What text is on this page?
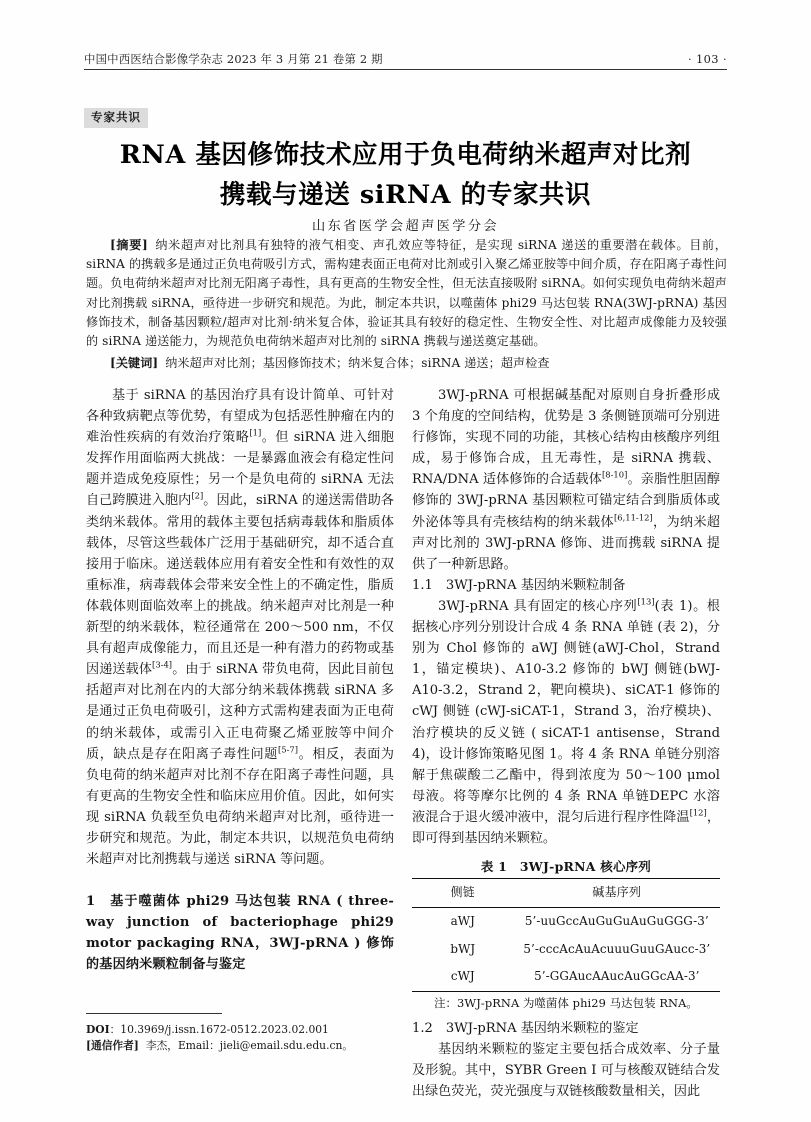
中国中西医结合影像学杂志 2023 年 3 月第 21 卷第 2 期	· 103 ·
专家共识
RNA 基因修饰技术应用于负电荷纳米超声对比剂
携载与递送 siRNA 的专家共识
山东省医学会超声医学分会

[摘要] 纳米超声对比剂具有独特的液气相变、声孔效应等特征，是实现 siRNA 递送的重要潜在载体。目前，siRNA 的携载多是通过正负电荷吸引方式，需构建表面正电荷对比剂或引入聚乙烯亚胺等中间介质，存在阳离子毒性问题。负电荷纳米超声对比剂无阳离子毒性，具有更高的生物安全性，但无法直接吸附 siRNA。如何实现负电荷纳米超声对比剂携载 siRNA，亟待进一步研究和规范。为此，制定本共识，以噬菌体 phi29 马达包装 RNA(3WJ-pRNA) 基因修饰技术，制备基因颗粒/超声对比剂·纳米复合体，验证其具有较好的稳定性、生物安全性、对比超声成像能力及较强的 siRNA 递送能力，为规范负电荷纳米超声对比剂的 siRNA 携载与递送奠定基础。

[关键词] 纳米超声对比剂；基因修饰技术；纳米复合体；siRNA 递送；超声检查

基于 siRNA 的基因治疗具有设计简单、可针对各种致病靶点等优势，有望成为包括恶性肿瘤在内的难治性疾病的有效治疗策略[1]。但 siRNA 进入细胞发挥作用面临两大挑战：一是暴露血液会有稳定性问题并造成免疫原性；另一个是负电荷的 siRNA 无法自己跨膜进入胞内[2]。因此，siRNA 的递送需借助各类纳米载体。常用的载体主要包括病毒载体和脂质体载体，尽管这些载体广泛用于基础研究，却不适合直接用于临床。递送载体应用有着安全性和有效性的双重标准，病毒载体会带来安全性上的不确定性，脂质体载体则面临效率上的挑战。纳米超声对比剂是一种新型的纳米载体，粒径通常在 200～500 nm，不仅具有超声成像能力，而且还是一种有潜力的药物或基因递送载体[3-4]。由于 siRNA 带负电荷，因此目前包括超声对比剂在内的大部分纳米载体携载 siRNA 多是通过正负电荷吸引，这种方式需构建表面为正电荷的纳米载体，或需引入正电荷聚乙烯亚胺等中间介质，缺点是存在阳离子毒性问题[5-7]。相反，表面为负电荷的纳米超声对比剂不存在阳离子毒性问题，具有更高的生物安全性和临床应用价值。因此，如何实现 siRNA 负载至负电荷纳米超声对比剂，亟待进一步研究和规范。为此，制定本共识，以规范负电荷纳米超声对比剂携载与递送 siRNA 等问题。

1　基于噬菌体 phi29 马达包装 RNA ( three-way junction of bacteriophage phi29 motor packaging RNA，3WJ-pRNA ) 修饰的基因纳米颗粒制备与鉴定

3WJ-pRNA 可根据碱基配对原则自身折叠形成 3 个角度的空间结构，优势是 3 条侧链顶端可分别进行修饰，实现不同的功能，其核心结构由核酸序列组成，易于修饰合成，且无毒性，是 siRNA 携载、RNA/DNA 适体修饰的合适载体[8-10]。亲脂性胆固醇修饰的 3WJ-pRNA 基因颗粒可锚定结合到脂质体或外泌体等具有壳核结构的纳米载体[6,11-12]，为纳米超声对比剂的 3WJ-pRNA 修饰、进而携载 siRNA 提供了一种新思路。

1.1　3WJ-pRNA 基因纳米颗粒制备

3WJ-pRNA 具有固定的核心序列[13](表 1)。根据核心序列分别设计合成 4 条 RNA 单链 (表 2)，分别为 Chol 修饰的 aWJ 侧链(aWJ-Chol，Strand 1，锚定模块)、A10-3.2 修饰的 bWJ 侧链(bWJ-A10-3.2，Strand 2，靶向模块)、siCAT-1 修饰的 cWJ 侧链 (cWJ-siCAT-1，Strand 3，治疗模块)、治疗模块的反义链 ( siCAT-1 antisense，Strand 4)，设计修饰策略见图 1。将 4 条 RNA 单链分别溶解于焦碳酸二乙酯中，得到浓度为 50～100 μmol 母液。将等摩尔比例的 4 条 RNA 单链DEPC 水溶液混合于退火缓冲液中，混匀后进行程序性降温[12]，即可得到基因纳米颗粒。

表 1　3WJ-pRNA 核心序列
侧链	碱基序列
aWJ	5’-uuGccAuGuGuAuGuGGG-3’
bWJ	5’-cccAcAuAcuuuGuuGAucc-3’
cWJ	5’-GGAucAAucAuGGcAA-3’
注：3WJ-pRNA 为噬菌体 phi29 马达包装 RNA。
1.2　3WJ-pRNA 基因纳米颗粒的鉴定

基因纳米颗粒的鉴定主要包括合成效率、分子量及形貌。其中，SYBR Green I 可与核酸双链结合发出绿色荧光，荧光强度与双链核酸数量相关，因此

DOI：10.3969/j.issn.1672-0512.2023.02.001
[通信作者] 李杰，Email：jieli@email.sdu.edu.cn。
